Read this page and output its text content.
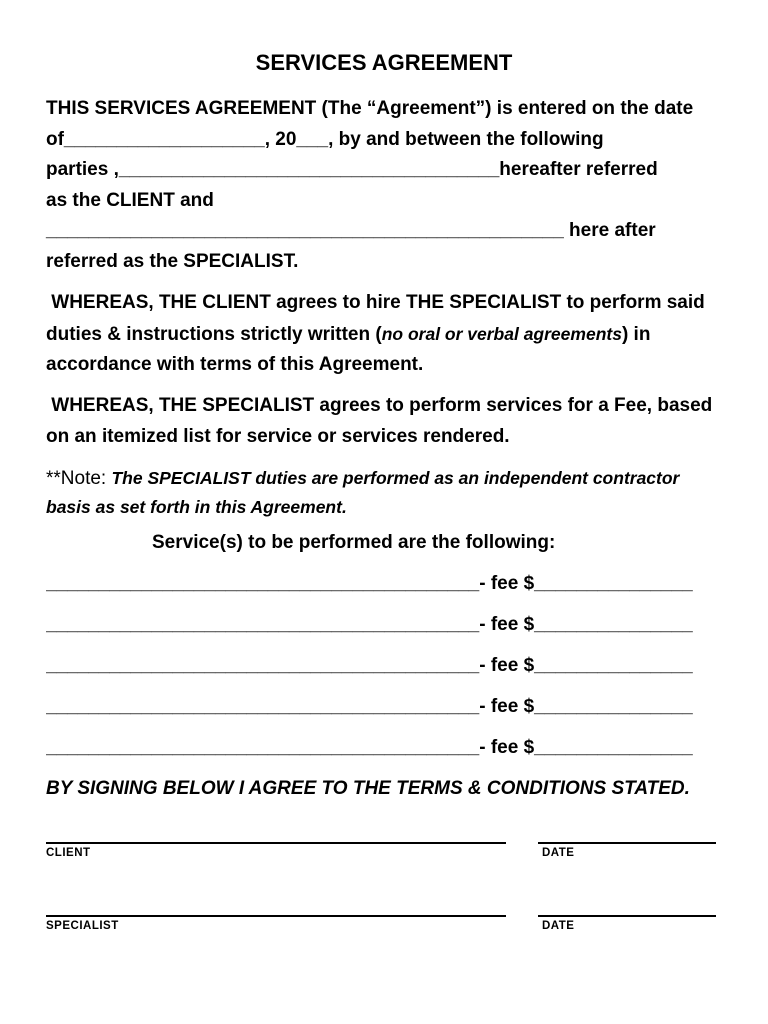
SERVICES AGREEMENT
THIS SERVICES AGREEMENT (The “Agreement”) is entered on the date
of___________________, 20___, by and between the following
parties ,____________________________________hereafter referred
as the CLIENT and
_________________________________________________ here after
referred as the SPECIALIST.
WHEREAS, THE CLIENT agrees to hire THE SPECIALIST to perform said
duties & instructions strictly written (no oral or verbal agreements) in
accordance with terms of this Agreement.
WHEREAS, THE SPECIALIST agrees to perform services for a Fee, based
on an itemized list for service or services rendered.
**Note: The SPECIALIST duties are performed as an independent contractor
basis as set forth in this Agreement.
Service(s) to be performed are the following:
_________________________________________- fee $_______________
_________________________________________- fee $_______________
_________________________________________- fee $_______________
_________________________________________- fee $_______________
_________________________________________- fee $_______________
BY SIGNING BELOW I AGREE TO THE TERMS & CONDITIONS STATED.
CLIENT	DATE
SPECIALIST	DATE
